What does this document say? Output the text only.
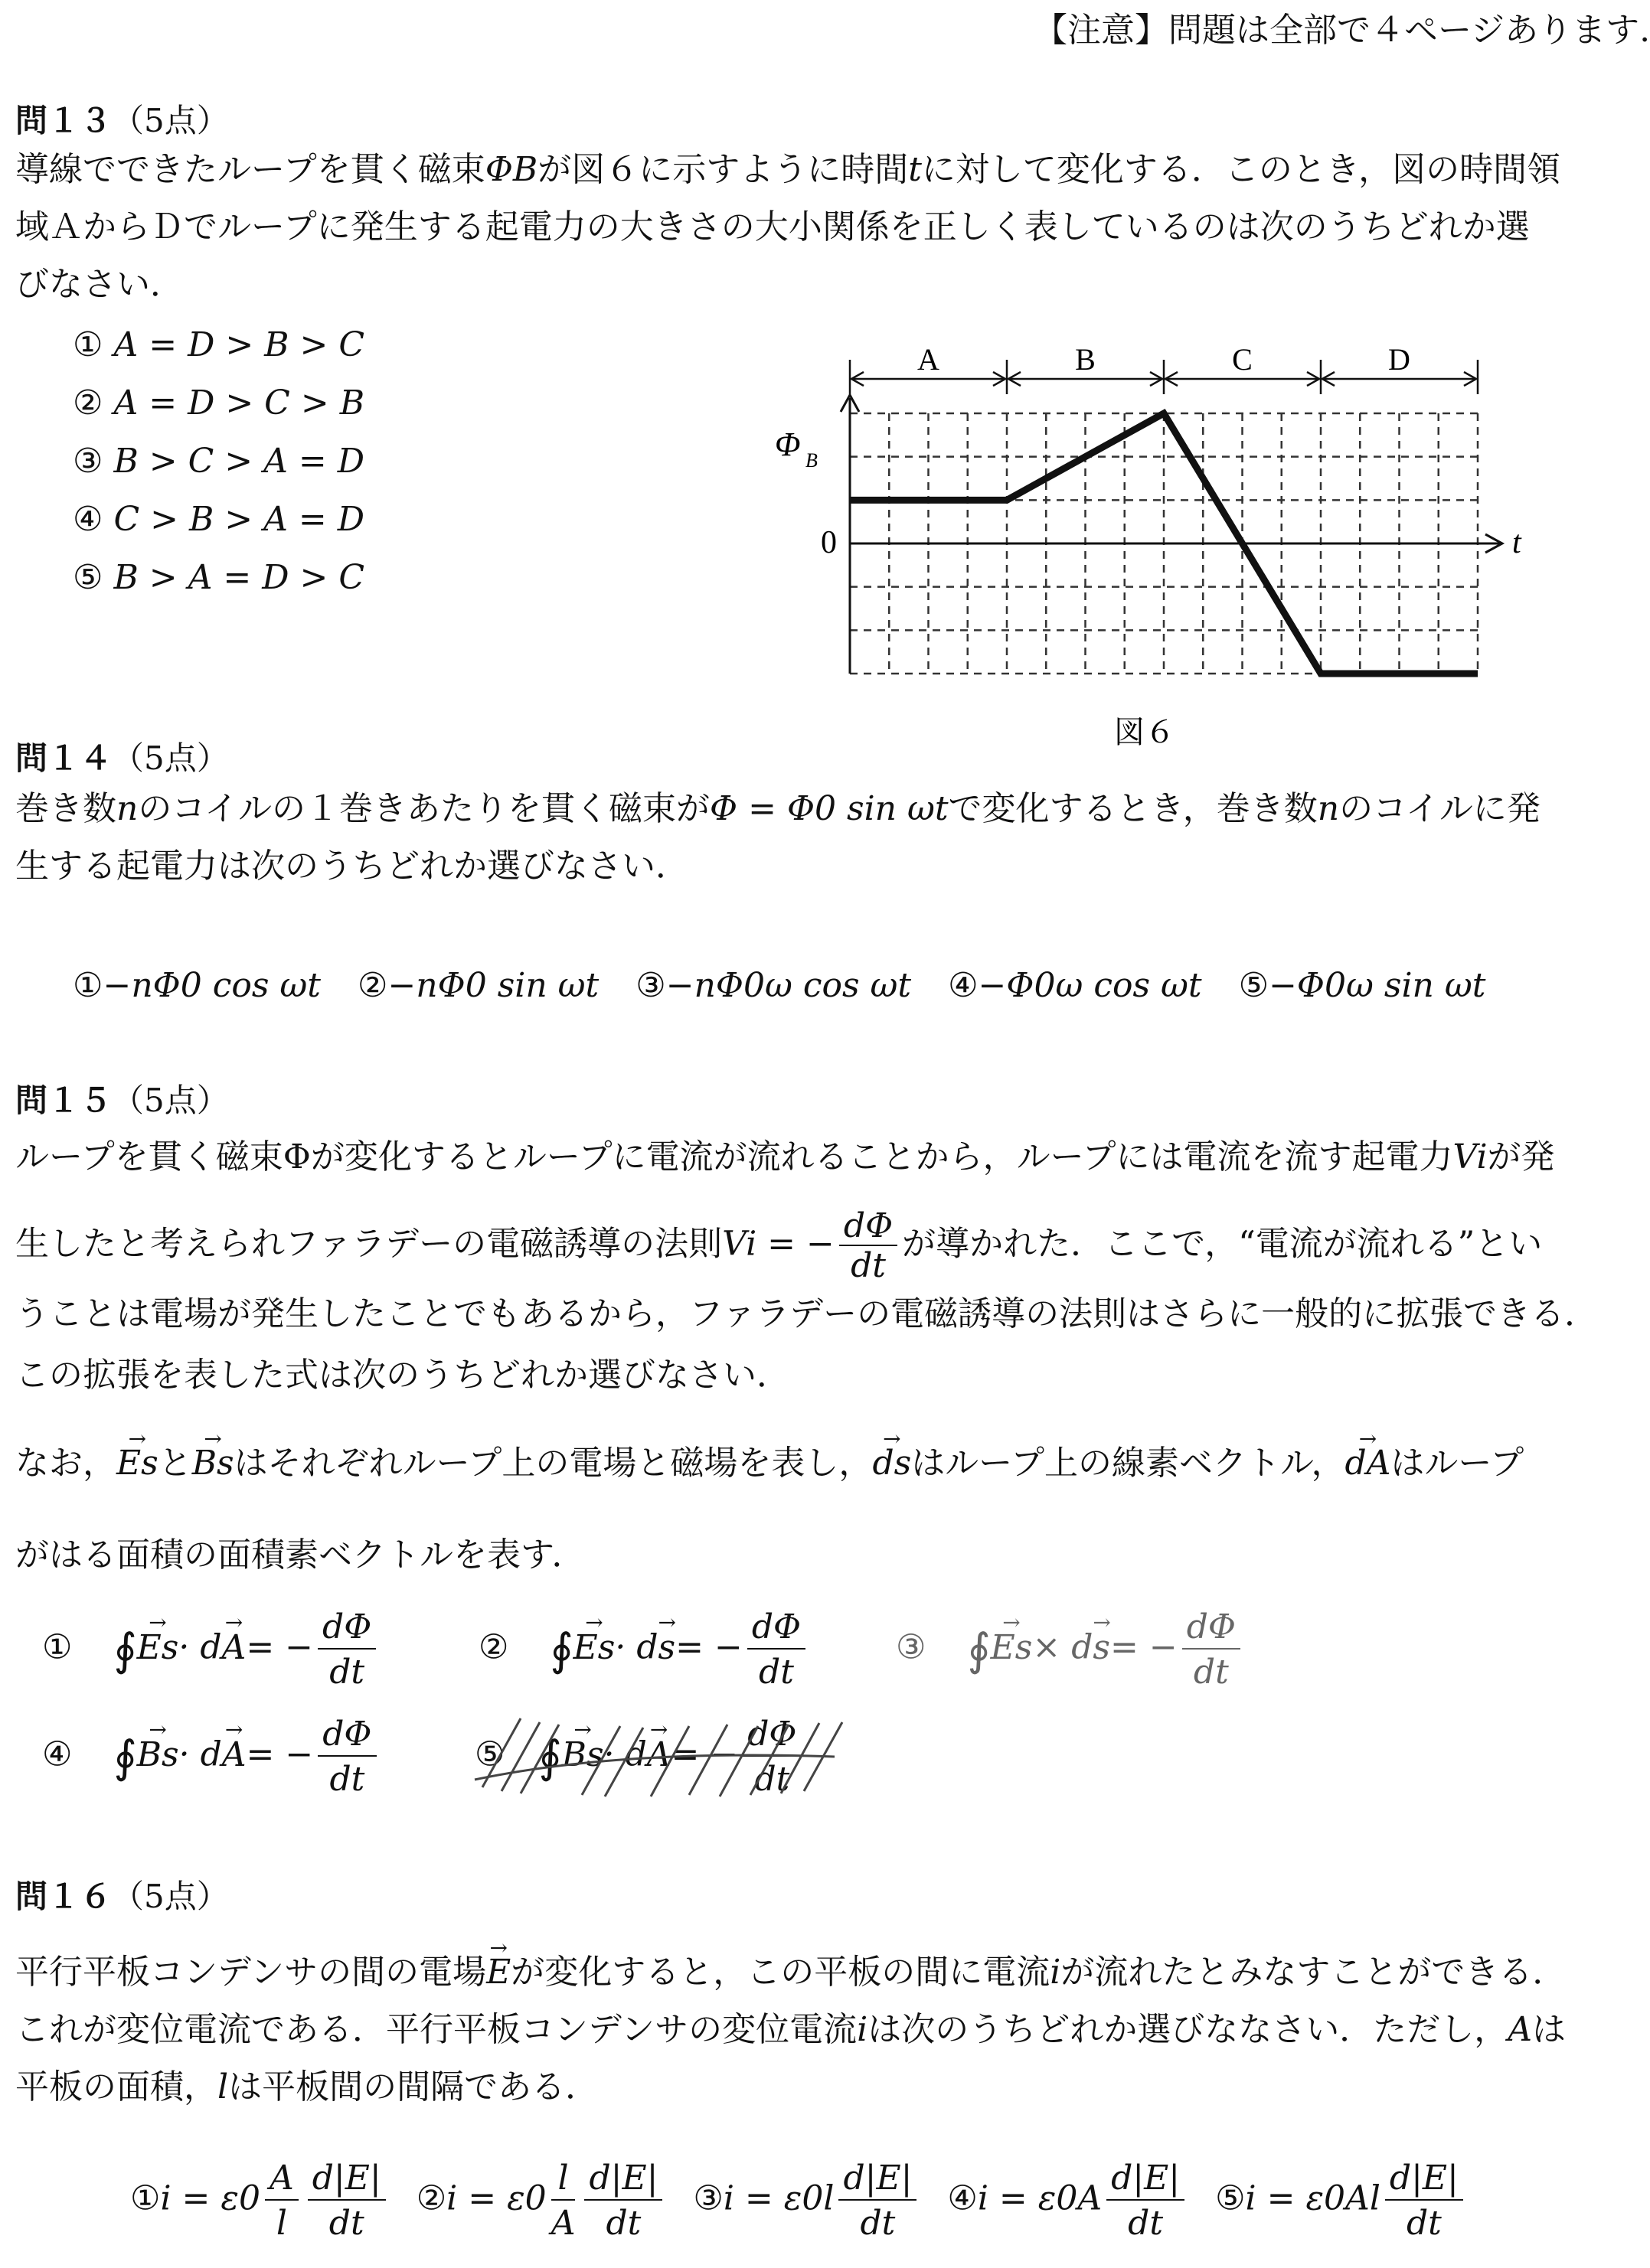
【注意】問題は全部で４ページあります.
問１３（5点）
導線でできたループを貫く磁束ΦBが図６に示すように時間tに対して変化する．このとき，図の時間領
域ＡからＤでループに発生する起電力の大きさの大小関係を正しく表しているのは次のうちどれか選
びなさい．
① A = D > B > C
② A = D > C > B
③ B > C > A = D
④ C > B > A = D
⑤ B > A = D > C
A	B	C	D
Φ B
0	t
図６
問１４（5点）
巻き数nのコイルの１巻きあたりを貫く磁束がΦ = Φ0 sin ωtで変化するとき，巻き数nのコイルに発
生する起電力は次のうちどれか選びなさい．
①−nΦ0 cos ωt ②−nΦ0 sin ωt ③−nΦ0ω cos ωt ④−Φ0ω cos ωt ⑤−Φ0ω sin ωt
問１５（5点）
ループを貫く磁束Φが変化するとループに電流が流れることから，ループには電流を流す起電力Viが発
生したと考えられファラデーの電磁誘導の法則Vi = − $\frac{d\Phi}{dt}$ が導かれた．ここで，“電流が流れる”とい
うことは電場が発生したことでもあるから，ファラデーの電磁誘導の法則はさらに一般的に拡張できる．
この拡張を表した式は次のうちどれか選びなさい．
なお，→ Esと→ Bsはそれぞれループ上の電場と磁場を表し，→ dsはループ上の線素ベクトル，→ dAはループ
がはる面積の面積素ベクトルを表す．
① ∮→ $Es\cdot d\to A= - \frac{d\Phi}{dt}$	② ∮→ $Es\cdot d\to s= - \frac{d\Phi}{dt}$	③ ∮→ $Es\times d\to s= - \frac{d\Phi}{dt}$
④ ∮→ $Bs\cdot d\to A= - \frac{d\Phi}{dt}$	⑤ ∮→ $Bs\cdot d\to A= - \frac{d\Phi}{dt}$
問１６（5点）
平行平板コンデンサの間の電場→ Eが変化すると，この平板の間に電流iが流れたとみなすことができる．
これが変位電流である．平行平板コンデンサの変位電流iは次のうちどれか選びななさい．ただし，Aは
平板の面積，lは平板間の間隔である．
①i = $\varepsilon 0 \frac{A}{l} \frac{d|E|}{dt}$ ②i = $\varepsilon 0 \frac{l}{A} \frac{d|E|}{dt}$ ③i = $\varepsilon 0l \frac{d|E|}{dt}$ ④i = $\varepsilon 0A \frac{d|E|}{dt}$ ⑤i = $\varepsilon 0Al \frac{d|E|}{dt}$
